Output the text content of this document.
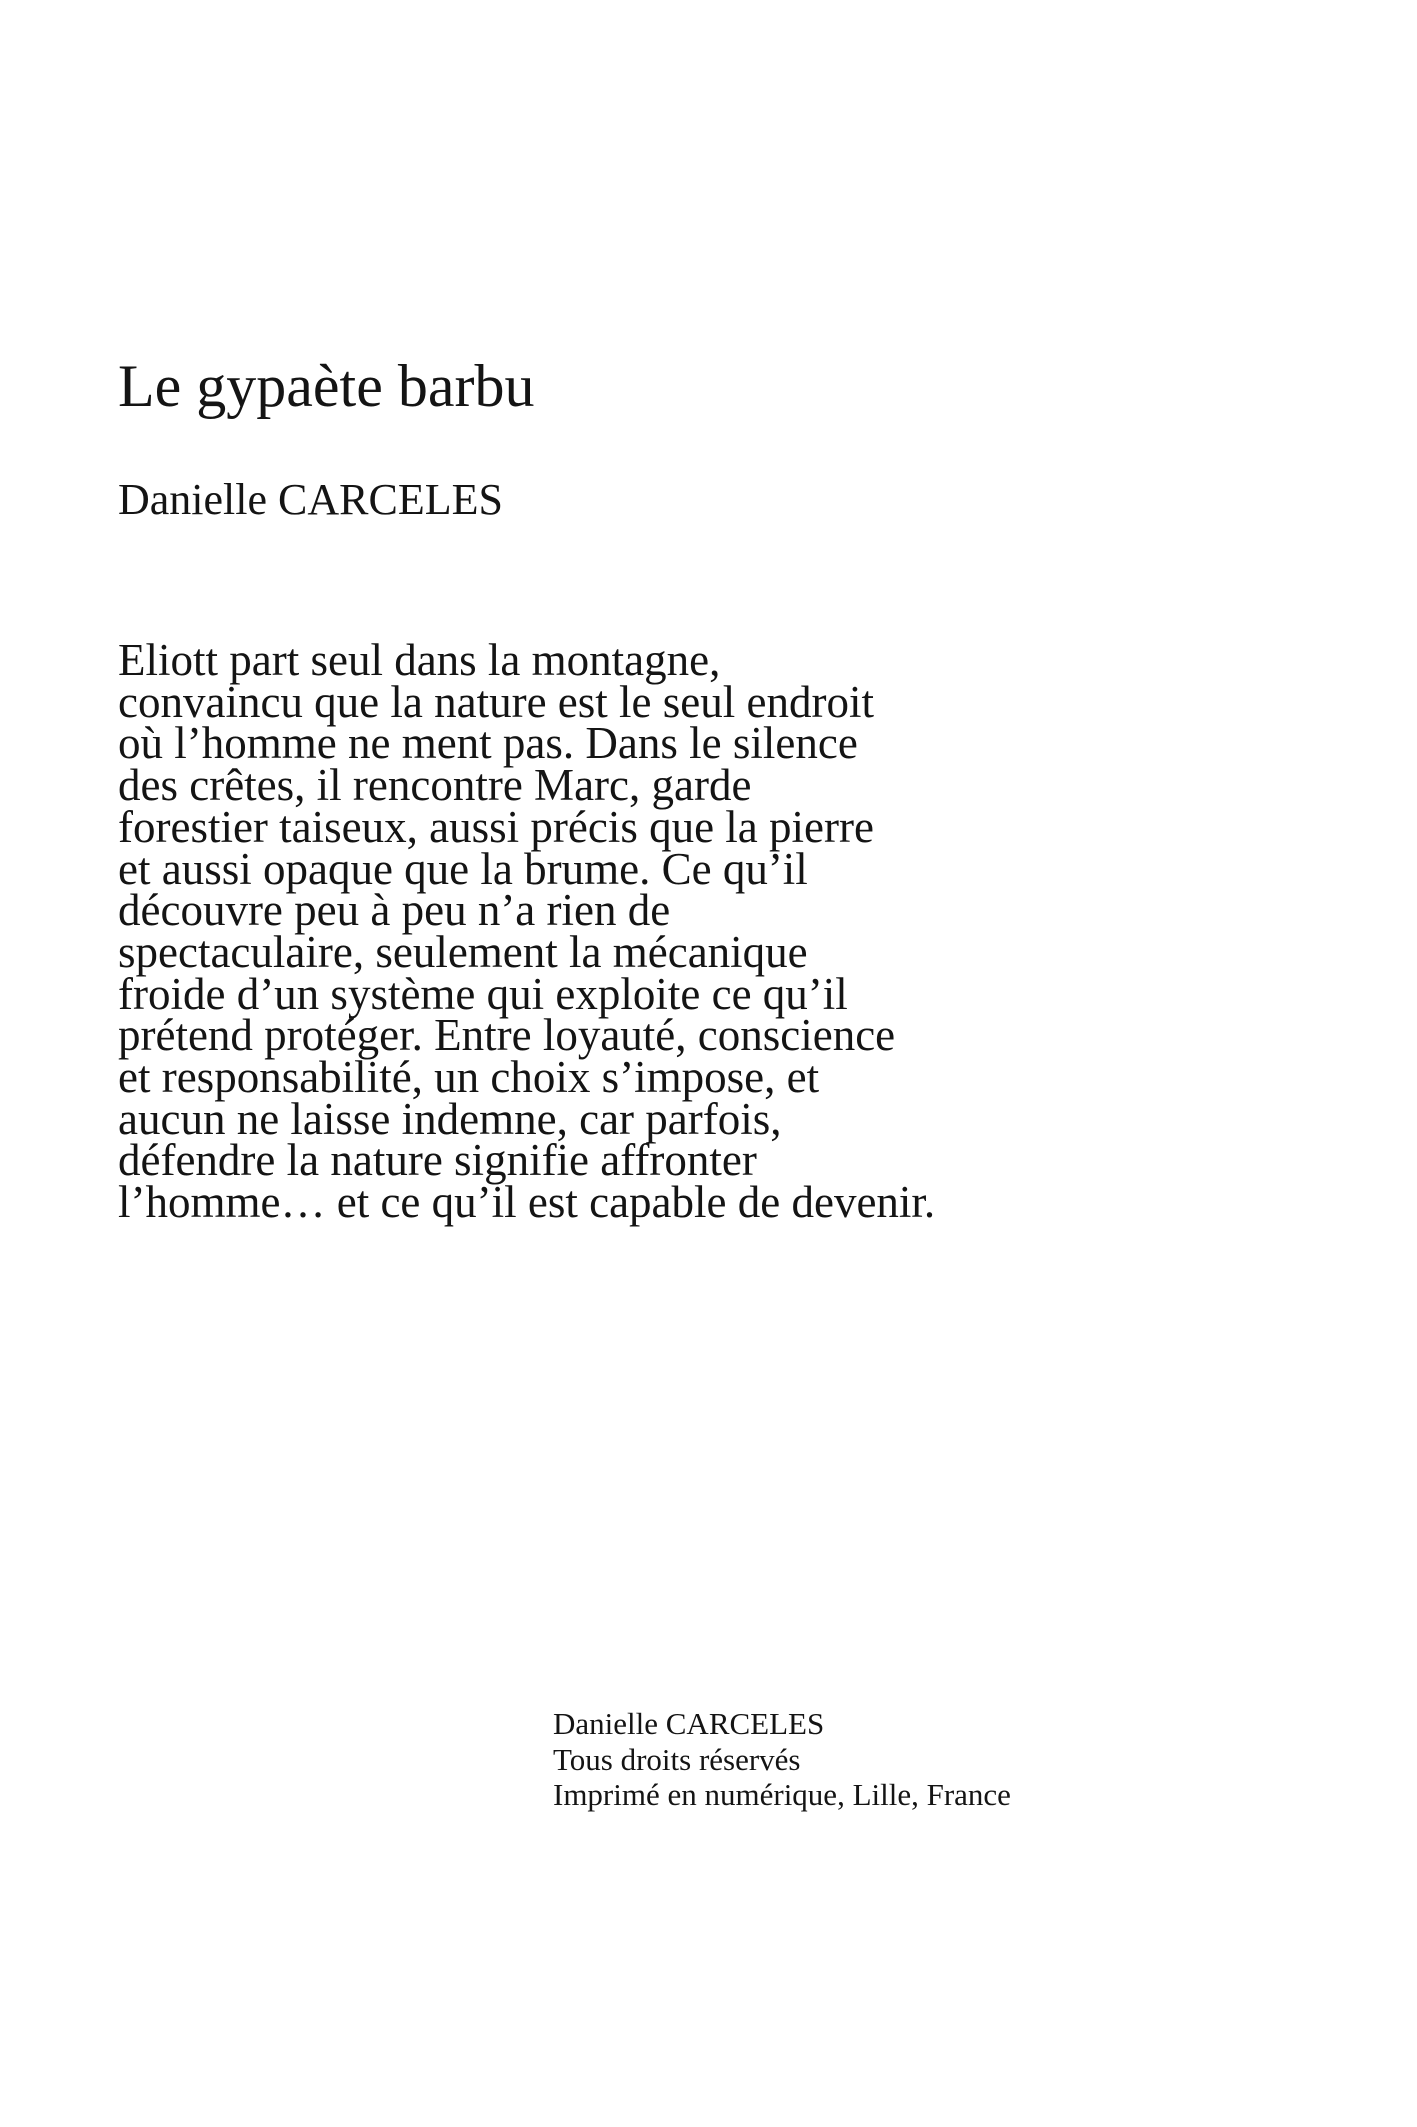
Le gypaète barbu
Danielle CARCELES
Eliott part seul dans la montagne,
convaincu que la nature est le seul endroit
où l’homme ne ment pas. Dans le silence
des crêtes, il rencontre Marc, garde
forestier taiseux, aussi précis que la pierre
et aussi opaque que la brume. Ce qu’il
découvre peu à peu n’a rien de
spectaculaire, seulement la mécanique
froide d’un système qui exploite ce qu’il
prétend protéger. Entre loyauté, conscience
et responsabilité, un choix s’impose, et
aucun ne laisse indemne, car parfois,
défendre la nature signifie affronter
l’homme… et ce qu’il est capable de devenir.
Danielle CARCELES
Tous droits réservés
Imprimé en numérique, Lille, France
